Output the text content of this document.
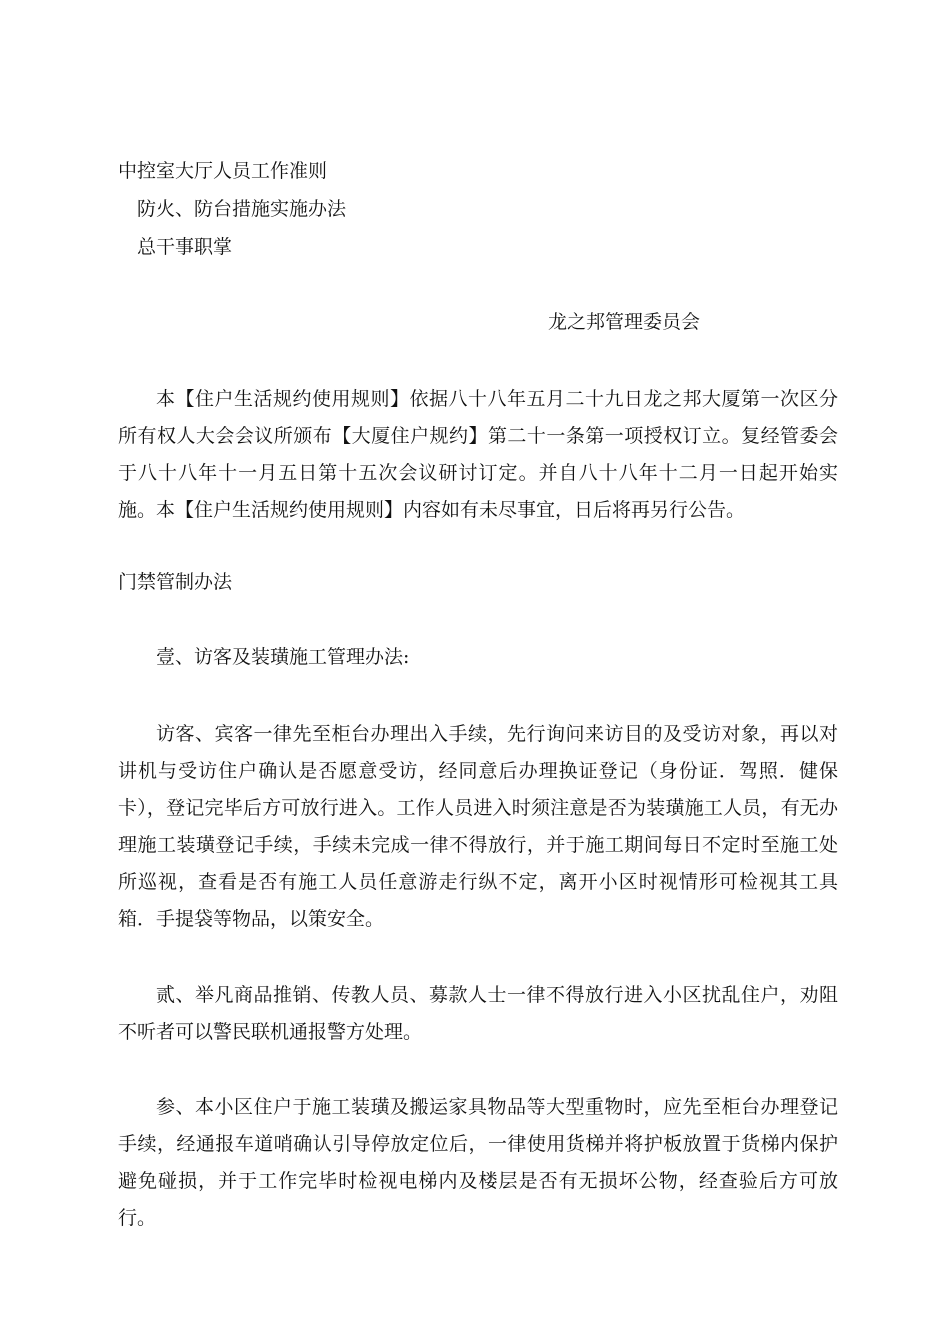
中控室大厅人员工作准则
防火、防台措施实施办法
总干事职掌
龙之邦管理委员会
本【住户生活规约使用规则】依据八十八年五月二十九日龙之邦大厦第一次区分所有权人大会会议所颁布【大厦住户规约】第二十一条第一项授权订立。复经管委会于八十八年十一月五日第十五次会议研讨订定。并自八十八年十二月一日起开始实施。本【住户生活规约使用规则】内容如有未尽事宜，日后将再另行公告。
门禁管制办法
壹、访客及装璜施工管理办法:
访客、宾客一律先至柜台办理出入手续，先行询问来访目的及受访对象，再以对讲机与受访住户确认是否愿意受访，经同意后办理换证登记（身份证．驾照．健保卡），登记完毕后方可放行进入。工作人员进入时须注意是否为装璜施工人员，有无办理施工装璜登记手续，手续未完成一律不得放行，并于施工期间每日不定时至施工处所巡视，查看是否有施工人员任意游走行纵不定，离开小区时视情形可检视其工具箱．手提袋等物品，以策安全。
贰、举凡商品推销、传教人员、募款人士一律不得放行进入小区扰乱住户，劝阻不听者可以警民联机通报警方处理。
参、本小区住户于施工装璜及搬运家具物品等大型重物时，应先至柜台办理登记手续，经通报车道哨确认引导停放定位后，一律使用货梯并将护板放置于货梯内保护避免碰损，并于工作完毕时检视电梯内及楼层是否有无损坏公物，经查验后方可放行。
